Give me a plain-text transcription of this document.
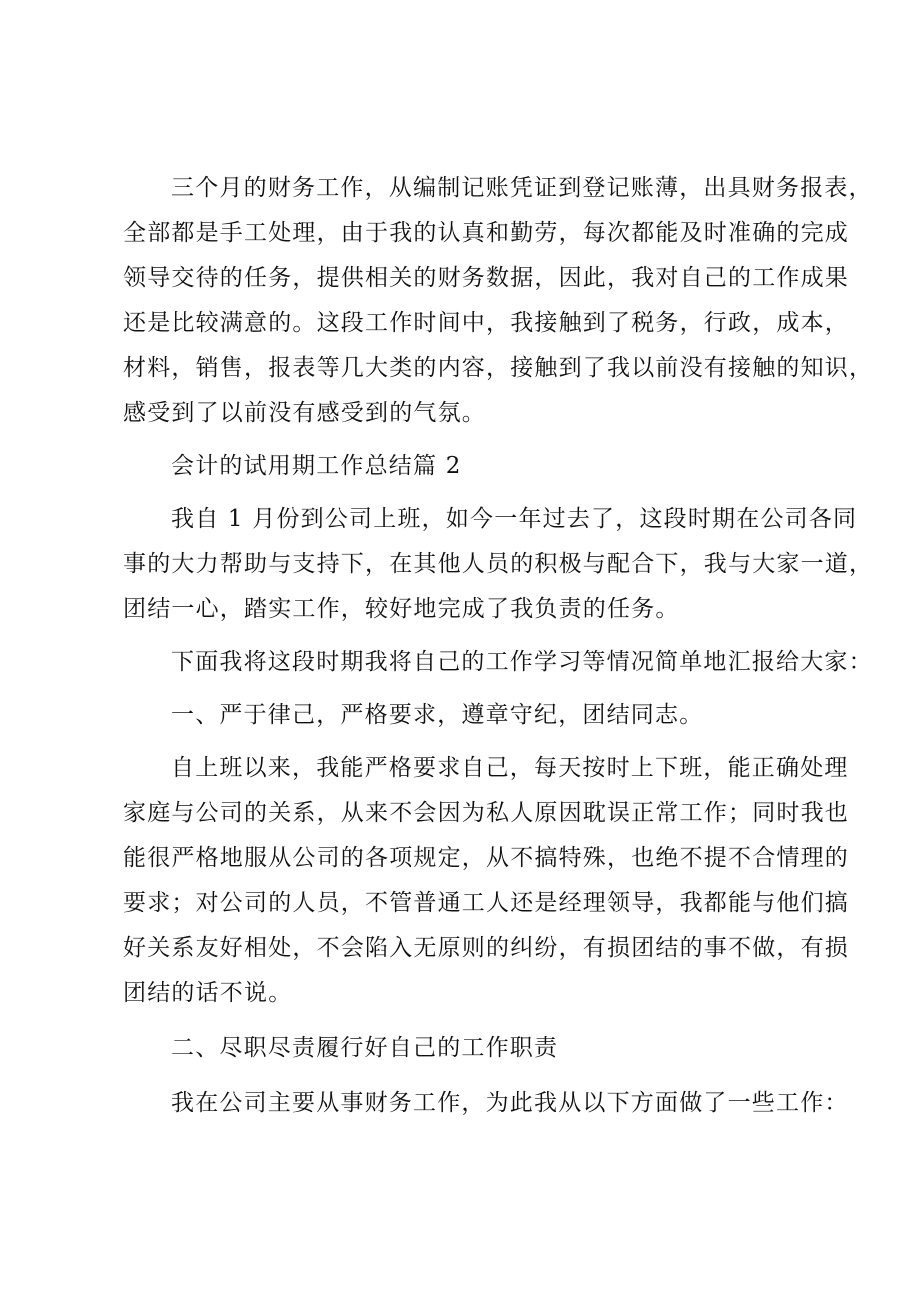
三个月的财务工作，从编制记账凭证到登记账薄，出具财务报表，
全部都是手工处理，由于我的认真和勤劳，每次都能及时准确的完成
领导交待的任务，提供相关的财务数据，因此，我对自己的工作成果
还是比较满意的。这段工作时间中，我接触到了税务，行政，成本，
材料，销售，报表等几大类的内容，接触到了我以前没有接触的知识，
感受到了以前没有感受到的气氛。
会计的试用期工作总结篇 2
我自 1 月份到公司上班，如今一年过去了，这段时期在公司各同
事的大力帮助与支持下，在其他人员的积极与配合下，我与大家一道，
团结一心，踏实工作，较好地完成了我负责的任务。
下面我将这段时期我将自己的工作学习等情况简单地汇报给大家：
一、严于律己，严格要求，遵章守纪，团结同志。
自上班以来，我能严格要求自己，每天按时上下班，能正确处理
家庭与公司的关系，从来不会因为私人原因耽误正常工作；同时我也
能很严格地服从公司的各项规定，从不搞特殊，也绝不提不合情理的
要求；对公司的人员，不管普通工人还是经理领导，我都能与他们搞
好关系友好相处，不会陷入无原则的纠纷，有损团结的事不做，有损
团结的话不说。
二、尽职尽责履行好自己的工作职责
我在公司主要从事财务工作，为此我从以下方面做了一些工作：
